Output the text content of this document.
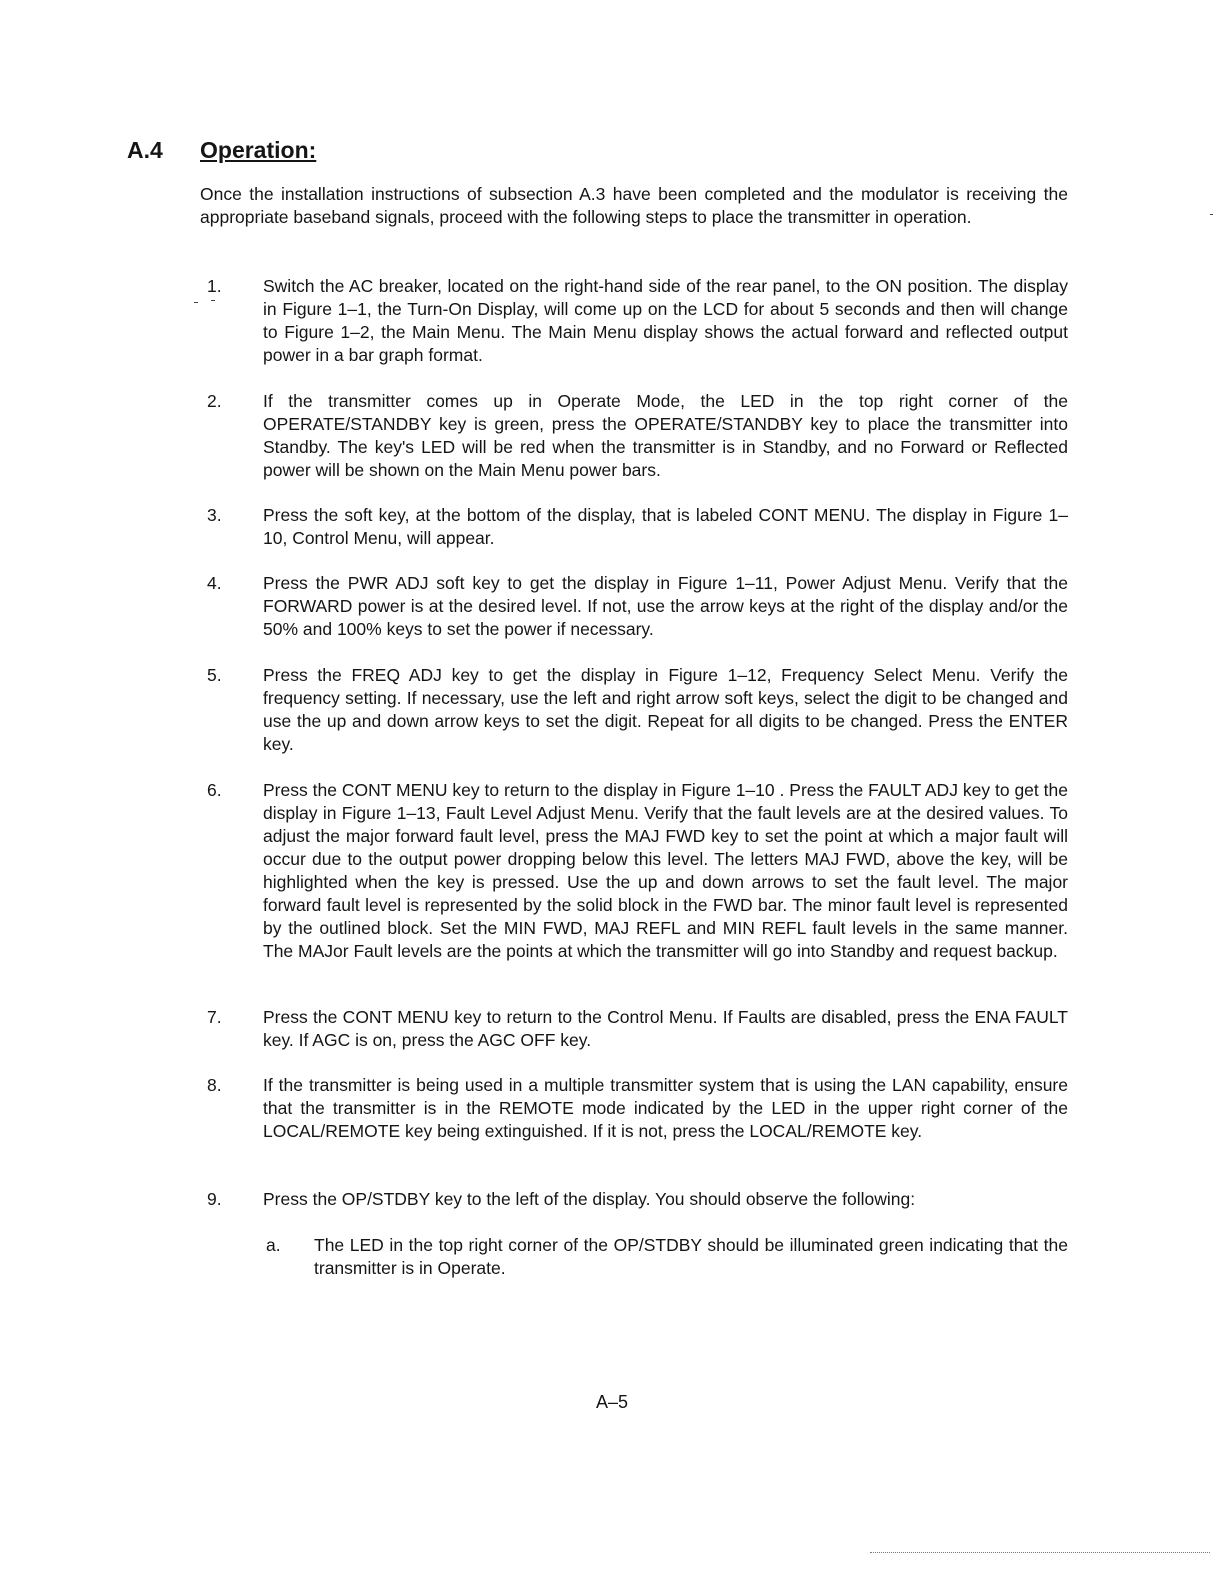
A.4 Operation:

Once the installation instructions of subsection A.3 have been completed and the modulator is receiving the appropriate baseband signals, proceed with the following steps to place the transmitter in operation.

1. Switch the AC breaker, located on the right-hand side of the rear panel, to the ON position. The display in Figure 1–1, the Turn-On Display, will come up on the LCD for about 5 seconds and then will change to Figure 1–2, the Main Menu. The Main Menu display shows the actual forward and reflected output power in a bar graph format.

2. If the transmitter comes up in Operate Mode, the LED in the top right corner of the OPERATE/STANDBY key is green, press the OPERATE/STANDBY key to place the transmitter into Standby. The key's LED will be red when the transmitter is in Standby, and no Forward or Reflected power will be shown on the Main Menu power bars.

3. Press the soft key, at the bottom of the display, that is labeled CONT MENU. The display in Figure 1–10, Control Menu, will appear.

4. Press the PWR ADJ soft key to get the display in Figure 1–11, Power Adjust Menu. Verify that the FORWARD power is at the desired level. If not, use the arrow keys at the right of the display and/or the 50% and 100% keys to set the power if necessary.

5. Press the FREQ ADJ key to get the display in Figure 1–12, Frequency Select Menu. Verify the frequency setting. If necessary, use the left and right arrow soft keys, select the digit to be changed and use the up and down arrow keys to set the digit. Repeat for all digits to be changed. Press the ENTER key.

6. Press the CONT MENU key to return to the display in Figure 1–10 . Press the FAULT ADJ key to get the display in Figure 1–13, Fault Level Adjust Menu. Verify that the fault levels are at the desired values. To adjust the major forward fault level, press the MAJ FWD key to set the point at which a major fault will occur due to the output power dropping below this level. The letters MAJ FWD, above the key, will be highlighted when the key is pressed. Use the up and down arrows to set the fault level. The major forward fault level is represented by the solid block in the FWD bar. The minor fault level is represented by the outlined block. Set the MIN FWD, MAJ REFL and MIN REFL fault levels in the same manner. The MAJor Fault levels are the points at which the transmitter will go into Standby and request backup.

7. Press the CONT MENU key to return to the Control Menu. If Faults are disabled, press the ENA FAULT key. If AGC is on, press the AGC OFF key.

8. If the transmitter is being used in a multiple transmitter system that is using the LAN capability, ensure that the transmitter is in the REMOTE mode indicated by the LED in the upper right corner of the LOCAL/REMOTE key being extinguished. If it is not, press the LOCAL/REMOTE key.

9. Press the OP/STDBY key to the left of the display. You should observe the following:

a. The LED in the top right corner of the OP/STDBY should be illuminated green indicating that the transmitter is in Operate.

A–5
